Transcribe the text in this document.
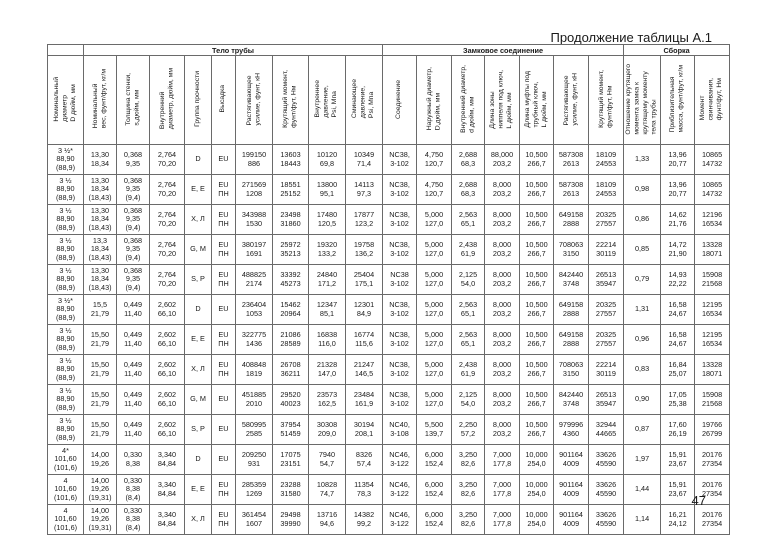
Продолжение таблицы А.1
	Тело трубы									Замковое соединение							Сборка		
Номинальный
диаметр
D дюйм, мм	Номинальный
вес, фунт/фут, кг/м	Толщина стенки,
s,дюйм, мм	Внутренний
диаметр, дюйм, мм	Группа прочности	Высадка	Растягивающее
усилие, фунт, кН	Крутящий момент,
фунт/фут, Нм	Внутреннее
давление,
Psi, Mпа	Сминающее
давление,
Psi, Mпа	Соединение	Наружный диаметр,
D,дюйм, мм	Внутренний диаметр,
d дюйм, мм	Длина зоны
ниппеля под ключ,
L дюйм, мм	Длина муфты под
трубный ключ,
L дюйм, мм	Растягивающее
усилие, фунт, кН	Крутящий момент,
фунт/фут, Нм	Отношение крутящего
момента замка к
крутящему моменту
тела трубы	Приблизительная
масса, фунт/фут, кг/м	Момент
свинчивания,
фунт/фут, Нм
3 ½*
88,90
(88,9)	13,30
18,34	0,368
9,35	2,764
70,20	D	EU	199150
886	13603
18443	10120
69,8	10349
71,4	NC38,
3-102	4,750
120,7	2,688
68,3	88,000
203,2	10,500
266,7	587308
2613	18109
24553	1,33	13,96
20,77	10865
14732
3 ½
88,90
(88,9)	13,30
18,34
(18,43)	0,368
9,35
(9,4)	2,764
70,20	Е, Е	EU
ПН	271569
1208	18551
25152	13800
95,1	14113
97,3	NC38,
3-102	4,750
120,7	2,688
68,3	8,000
203,2	10,500
266,7	587308
2613	18109
24553	0,98	13,96
20,77	10865
14732
3 ½
88,90
(88,9)	13,30
18,34
(18,43)	0,368
9,35
(9,4)	2,764
70,20	Х, Л	EU
ПН	343988
1530	23498
31860	17480
120,5	17877
123,2	NC38,
3-102	5,000
127,0	2,563
65,1	8,000
203,2	10,500
266,7	649158
2888	20325
27557	0,86	14,62
21,76	12196
16534
3 ½
88,90
(88,9)	13,3
18,34
(18,43)	0,368
9,35
(9,4)	2,764
70,20	G, M	EU
ПН	380197
1691	25972
35213	19320
133,2	19758
136,2	NC38,
3-102	5,000
127,0	2,438
61,9	8,000
203,2	10,500
266,7	708063
3150	22214
30119	0,85	14,72
21,90	13328
18071
3 ½
88,90
(88,9)	13,30
18,34
(18,43)	0,368
9,35
(9,4)	2,764
70,20	S, P	EU
ПН	488825
2174	33392
45273	24840
171,2	25404
175,1	NC38
3-102	5,000
127,0	2,125
54,0	8,000
203,2	10,500
266,7	842440
3748	26513
35947	0,79	14,93
22,22	15908
21568
3 ½*
88,90
(88,9)	15,5
21,79	0,449
11,40	2,602
66,10	D	EU	236404
1053	15462
20964	12347
85,1	12301
84,9	NC38,
3-102	5,000
127,0	2,563
65,1	8,000
203,2	10,500
266,7	649158
2888	20325
27557	1,31	16,58
24,67	12195
16534
3 ½
88,90
(88,9)	15,50
21,79	0,449
11,40	2,602
66,10	Е, Е	EU
ПН	322775
1436	21086
28589	16838
116,0	16774
115,6	NC38,
3-102	5,000
127,0	2,563
65,1	8,000
203,2	10,500
266,7	649158
2888	20325
27557	0,96	16,58
24,67	12195
16534
3 ½
88,90
(88,9)	15,50
21,79	0,449
11,40	2,602
66,10	Х, Л	EU
ПН	408848
1819	26708
36211	21328
147,0	21247
146,5	NC38,
3-102	5,000
127,0	2,438
61,9	8,000
203,2	10,500
266,7	708063
3150	22214
30119	0,83	16,84
25,07	13328
18071
3 ½
88,90
(88,9)	15,50
21,79	0,449
11,40	2,602
66,10	G, M	EU	451885
2010	29520
40023	23573
162,5	23484
161,9	NC38,
3-102	5,000
127,0	2,125
54,0	8,000
203,2	10,500
266,7	842440
3748	26513
35947	0,90	17,05
25,38	15908
21568
3 ½
88,90
(88,9)	15,50
21,79	0,449
11,40	2,602
66,10	S, P	EU	580995
2585	37954
51459	30308
209,0	30194
208,1	NC40,
3-108	5,500
139,7	2,250
57,2	8,000
203,2	10,500
266,7	979996
4360	32944
44665	0,87	17,60
26,19	19766
26799
4*
101,60
(101,6)	14,00
19,26	0,330
8,38	3,340
84,84	D	EU	209250
931	17075
23151	7940
54,7	8326
57,4	NC46,
3-122	6,000
152,4	3,250
82,6	7,000
177,8	10,000
254,0	901164
4009	33626
45590	1,97	15,91
23,67	20176
27354
4
101,60
(101,6)	14,00
19,26
(19,31)	0,330
8,38
(8,4)	3,340
84,84	Е, Е	EU
ПН	285359
1269	23288
31580	10828
74,7	11354
78,3	NC46,
3-122	6,000
152,4	3,250
82,6	7,000
177,8	10,000
254,0	901164
4009	33626
45590	1,44	15,91
23,67	20176
27354
4
101,60
(101,6)	14,00
19,26
(19,31)	0,330
8,38
(8,4)	3,340
84,84	Х, Л	EU
ПН	361454
1607	29498
39990	13716
94,6	14382
99,2	NC46,
3-122	6,000
152,4	3,250
82,6	7,000
177,8	10,000
254,0	901164
4009	33626
45590	1,14	16,21
24,12	20176
27354
47
